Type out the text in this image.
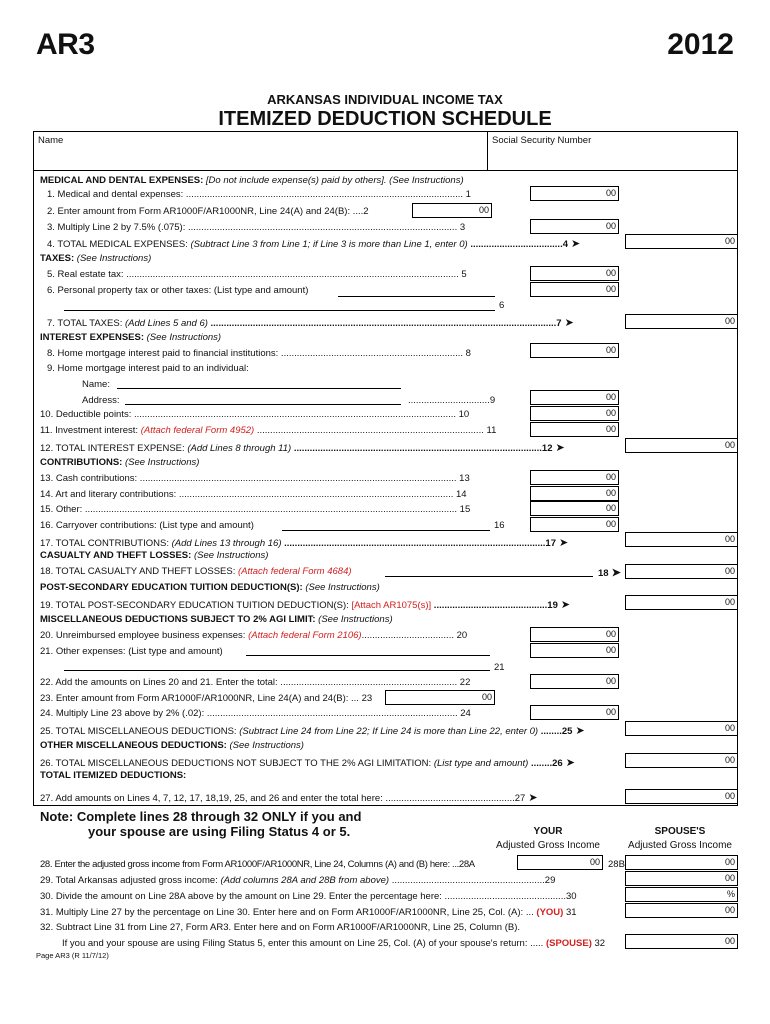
AR3	2012
ARKANSAS INDIVIDUAL INCOME TAX
ITEMIZED DEDUCTION SCHEDULE
Name	Social Security Number
MEDICAL AND DENTAL EXPENSES: [Do not include expense(s) paid by others]. (See Instructions)
1. Medical and dental expenses: ......................................................................................................... 1	00
2. Enter amount from Form AR1000F/AR1000NR, Line 24(A) and 24(B): ....2	00
3. Multiply Line 2 by 7.5% (.075): ...................................................................................................... 3	00
4. TOTAL MEDICAL EXPENSES: (Subtract Line 3 from Line 1; if Line 3 is more than Line 1, enter 0) ...................................4 ➤	00
TAXES: (See Instructions)
5. Real estate tax: .............................................................................................................................. 5	00
6. Personal property tax or other taxes: (List type and amount)	00
6
7. TOTAL TAXES: (Add Lines 5 and 6) ...................................................................................................................................7 ➤	00
INTEREST EXPENSES: (See Instructions)
8. Home mortgage interest paid to financial institutions: ..................................................................... 8	00
9. Home mortgage interest paid to an individual:
Name:
Address:	...............................9	00
10. Deductible points: .......................................................................................................................... 10	00
11. Investment interest: (Attach federal Form 4952) ...................................................................................... 11	00
12. TOTAL INTEREST EXPENSE: (Add Lines 8 through 11) ..............................................................................................12 ➤	00
CONTRIBUTIONS: (See Instructions)
13. Cash contributions: ........................................................................................................................ 13	00
14. Art and literary contributions: ........................................................................................................ 14	00
15. Other: ............................................................................................................................................. 15	00
16. Carryover contributions: (List type and amount)	16	00
17. TOTAL CONTRIBUTIONS: (Add Lines 13 through 16) ...................................................................................................17 ➤	00
CASUALTY AND THEFT LOSSES: (See Instructions)
18. TOTAL CASUALTY AND THEFT LOSSES: (Attach federal Form 4684)	18 ➤	00
POST-SECONDARY EDUCATION TUITION DEDUCTION(S): (See Instructions)
19. TOTAL POST-SECONDARY EDUCATION TUITION DEDUCTION(S): [Attach AR1075(s)] ...........................................19 ➤	00
MISCELLANEOUS DEDUCTIONS SUBJECT TO 2% AGI LIMIT: (See Instructions)
20. Unreimbursed employee business expenses: (Attach federal Form 2106)................................... 20	00
21. Other expenses: (List type and amount)	00
21
22. Add the amounts on Lines 20 and 21. Enter the total: ................................................................... 22	00
23. Enter amount from Form AR1000F/AR1000NR, Line 24(A) and 24(B): ... 23	00
24. Multiply Line 23 above by 2% (.02): ............................................................................................... 24	00
25. TOTAL MISCELLANEOUS DEDUCTIONS: (Subtract Line 24 from Line 22; If Line 24 is more than Line 22, enter 0) ........25 ➤	00
OTHER MISCELLANEOUS DEDUCTIONS: (See Instructions)
26. TOTAL MISCELLANEOUS DEDUCTIONS NOT SUBJECT TO THE 2% AGI LIMITATION: (List type and amount) ........26 ➤	00
TOTAL ITEMIZED DEDUCTIONS:
27. Add amounts on Lines 4, 7, 12, 17, 18,19, 25, and 26 and enter the total here: .................................................27 ➤	00
Note: Complete lines 28 through 32 ONLY if you and
your spouse are using Filing Status 4 or 5.	YOUR
Adjusted Gross Income
SPOUSE'S
Adjusted Gross Income
28. Enter the adjusted gross income from Form AR1000F/AR1000NR, Line 24, Columns (A) and (B) here: ...28A	00 28B	00
29. Total Arkansas adjusted gross income: (Add columns 28A and 28B from above) ..........................................................29	00
30. Divide the amount on Line 28A above by the amount on Line 29. Enter the percentage here: ..............................................30	%
31. Multiply Line 27 by the percentage on Line 30. Enter here and on Form AR1000F/AR1000NR, Line 25, Col. (A): ... (YOU) 31	00
32. Subtract Line 31 from Line 27, Form AR3. Enter here and on Form AR1000F/AR1000NR, Line 25, Column (B).
If you and your spouse are using Filing Status 5, enter this amount on Line 25, Col. (A) of your spouse's return: ..... (SPOUSE) 32	00
Page AR3 (R 11/7/12)
